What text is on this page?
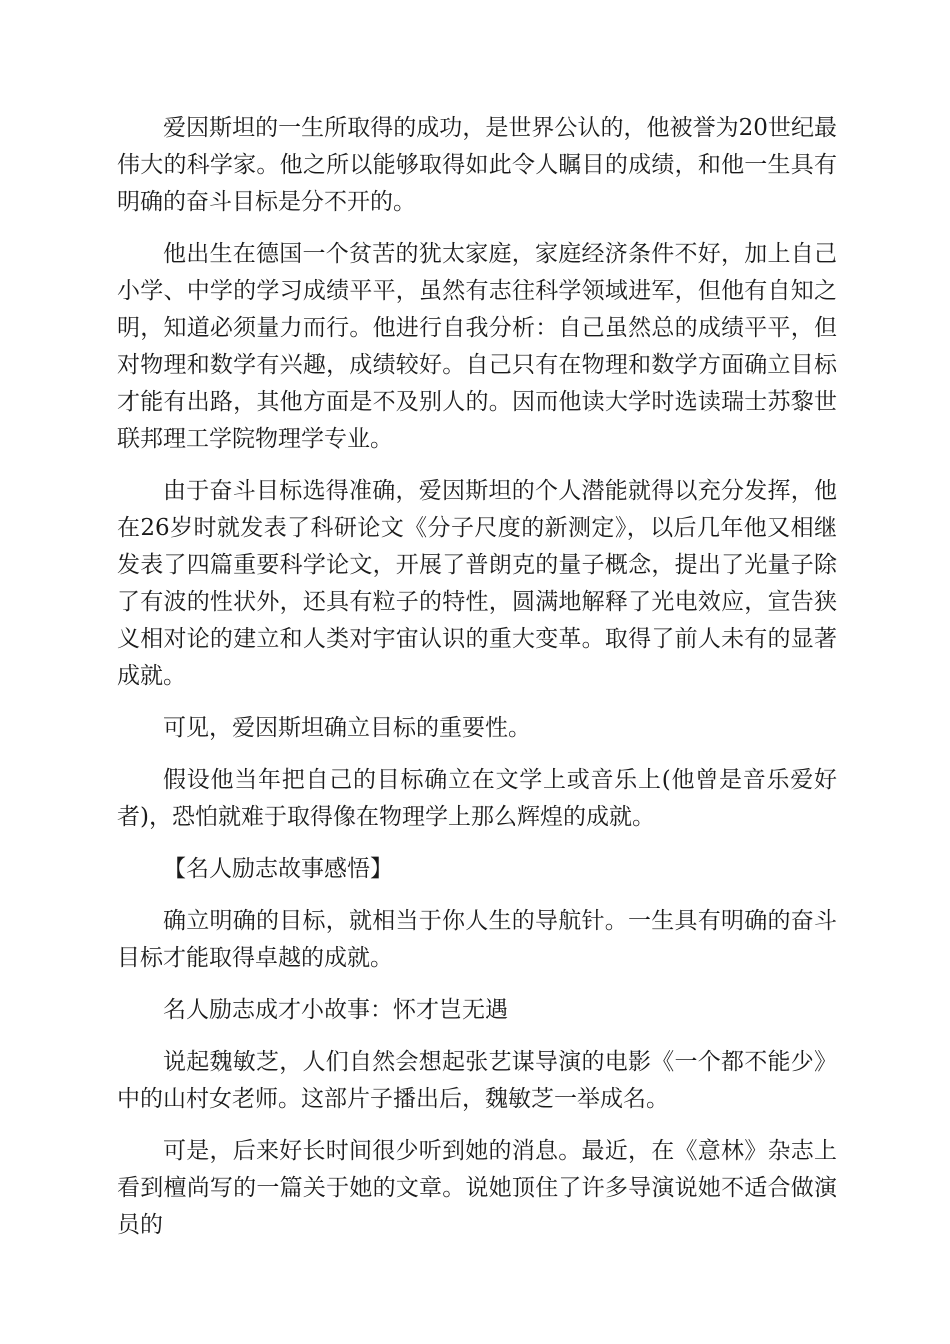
爱因斯坦的一生所取得的成功，是世界公认的，他被誉为20世纪最伟大的科学家。他之所以能够取得如此令人瞩目的成绩，和他一生具有明确的奋斗目标是分不开的。

他出生在德国一个贫苦的犹太家庭，家庭经济条件不好，加上自己小学、中学的学习成绩平平，虽然有志往科学领域进军，但他有自知之明，知道必须量力而行。他进行自我分析：自己虽然总的成绩平平，但对物理和数学有兴趣，成绩较好。自己只有在物理和数学方面确立目标才能有出路，其他方面是不及别人的。因而他读大学时选读瑞士苏黎世联邦理工学院物理学专业。

由于奋斗目标选得准确，爱因斯坦的个人潜能就得以充分发挥，他在26岁时就发表了科研论文《分子尺度的新测定》，以后几年他又相继发表了四篇重要科学论文，开展了普朗克的量子概念，提出了光量子除了有波的性状外，还具有粒子的特性，圆满地解释了光电效应，宣告狭义相对论的建立和人类对宇宙认识的重大变革。取得了前人未有的显著成就。

可见，爱因斯坦确立目标的重要性。

假设他当年把自己的目标确立在文学上或音乐上(他曾是音乐爱好者)，恐怕就难于取得像在物理学上那么辉煌的成就。

【名人励志故事感悟】

确立明确的目标，就相当于你人生的导航针。一生具有明确的奋斗目标才能取得卓越的成就。

名人励志成才小故事：怀才岂无遇

说起魏敏芝，人们自然会想起张艺谋导演的电影《一个都不能少》中的山村女老师。这部片子播出后，魏敏芝一举成名。

可是，后来好长时间很少听到她的消息。最近，在《意林》杂志上看到檀尚写的一篇关于她的文章。说她顶住了许多导演说她不适合做演员的
